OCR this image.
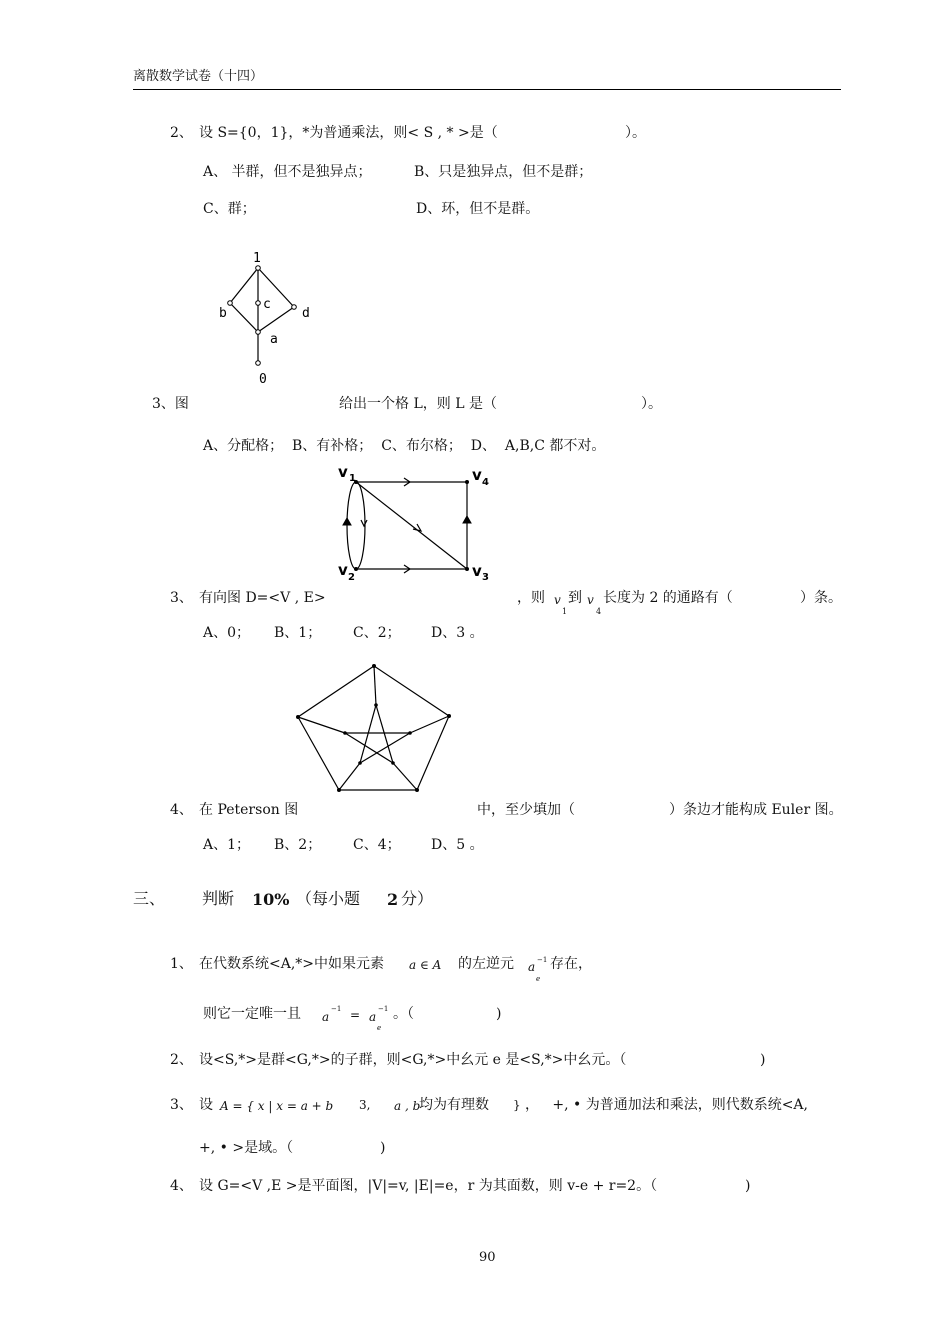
离散数学试卷（十四）
2、 设 S={0，1}，*为普通乘法，则< S , * >是（	）。
A、 半群，但不是独异点；	B、只是独异点，但不是群；
C、群；	D、环，但不是群。
1
b
c
d
a
0
3、图	给出一个格 L，则 L 是（	）。
A、分配格；  B、有补格；  C、布尔格；  D、  A,B,C 都不对。
v 1	v 4
v 2	v 3
3、 有向图 D=<V , E>	，则 v
1
到 v
4
长度为 2 的通路有（	）条。
A、0； B、1； C、2； D、3 。
4、 在 Peterson 图	中，至少填加（	）条边才能构成 Euler 图。
A、1； B、2； C、4； D、5 。
三、 判断 10% （每小题 2 分）
1、 在代数系统<A,*>中如果元素 a ∈ A 的左逆元 a −1
e
存在，
则它一定唯一且 a
−1 = a
−1
e
。（	)
2、 设<S,*>是群<G,*>的子群，则<G,*>中幺元 e 是<S,*>中幺元。（	)
3、 设 A = { x | x = a + b 3, a , b
均为有理数 } ，   +, • 为普通加法和乘法，则代数系统<A,
+, • >是域。（	)
4、 设 G=<V ,E >是平面图，|V|=v, |E|=e，r 为其面数，则 v-e + r=2。（	)
90
